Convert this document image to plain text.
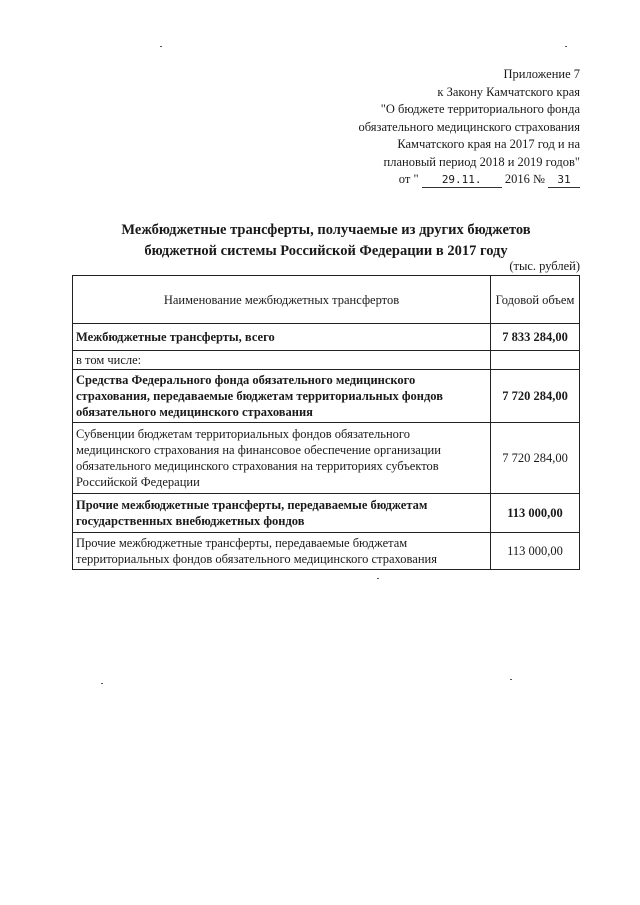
Приложение 7
к Закону Камчатского края
"О бюджете территориального фонда
обязательного медицинского страхования
Камчатского края на 2017 год и на
плановый период 2018 и 2019 годов"
от " 29.11. 2016 № 31
Межбюджетные трансферты, получаемые из других бюджетов
бюджетной системы Российской Федерации в 2017 году
(тыс. рублей)
Наименование межбюджетных трансфертов	Годовой объем
Межбюджетные трансферты, всего	7 833 284,00
в том числе:	
Средства Федерального фонда обязательного медицинского страхования, передаваемые бюджетам территориальных фондов обязательного медицинского страхования	7 720 284,00
Субвенции бюджетам территориальных фондов обязательного медицинского страхования на финансовое обеспечение организации обязательного медицинского страхования на территориях субъектов Российской Федерации	7 720 284,00
Прочие межбюджетные трансферты, передаваемые бюджетам государственных внебюджетных фондов	113 000,00
Прочие межбюджетные трансферты, передаваемые бюджетам территориальных фондов обязательного медицинского страхования	113 000,00
